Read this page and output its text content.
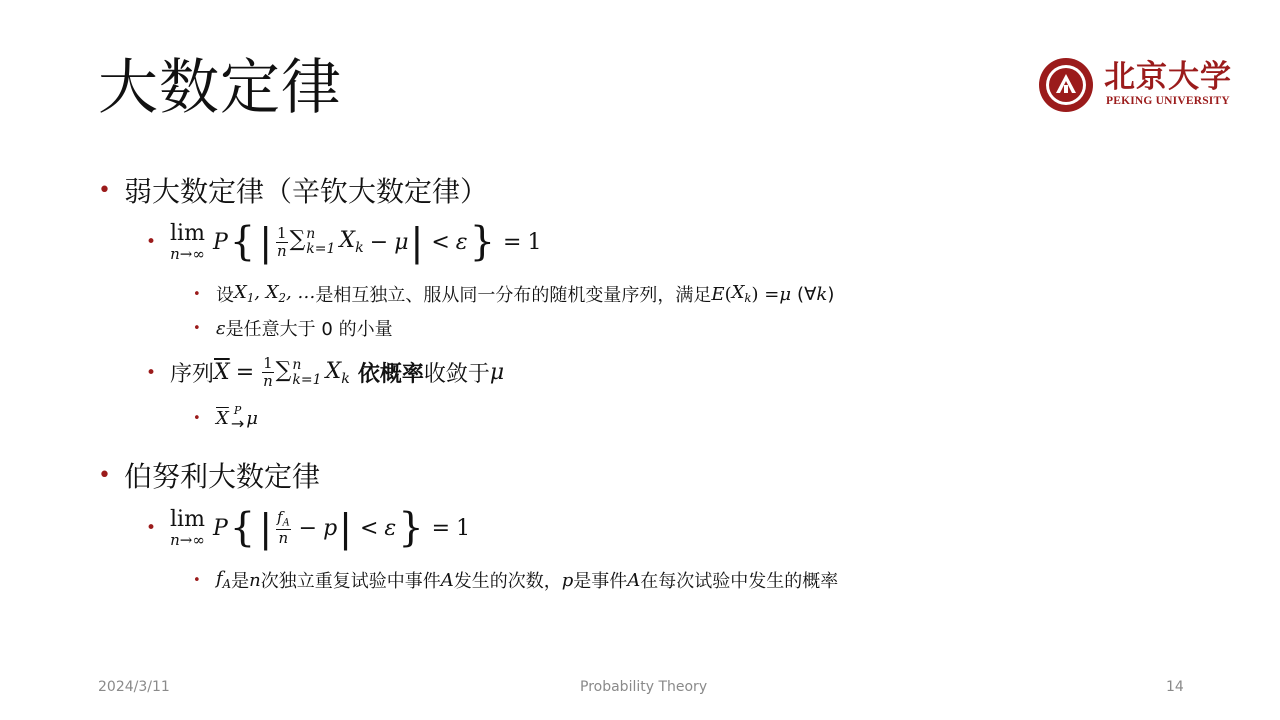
大数定律	北京大学
PEKING UNIVERSITY
• 弱大数定律（辛钦大数定律）
• lim
n→∞ P { | $\frac{1}{n}$ ∑ n
k=1 $X_k - \mu$ | < ε } = 1
• 设 $X_1$, $X_2$, … 是相互独立、服从同一分布的随机变量序列，满足 E ( $X_k$ ) = μ (∀ k )
• ε 是任意大于 0 的小量
• 序列 $\overline{X} = \frac{1}{n}$ ∑ n
k=1 $X_k$ 依概率 收敛于 μ
• $\overline{X}$ P
→ μ
• 伯努利大数定律
• lim
n→∞ P { | $\frac{f_A}{n} - p$ | < ε } = 1
• $f_A$ 是 n 次独立重复试验中事件 A 发生的次数， p 是事件 A 在每次试验中发生的概率
2024/3/11	Probability Theory	14
